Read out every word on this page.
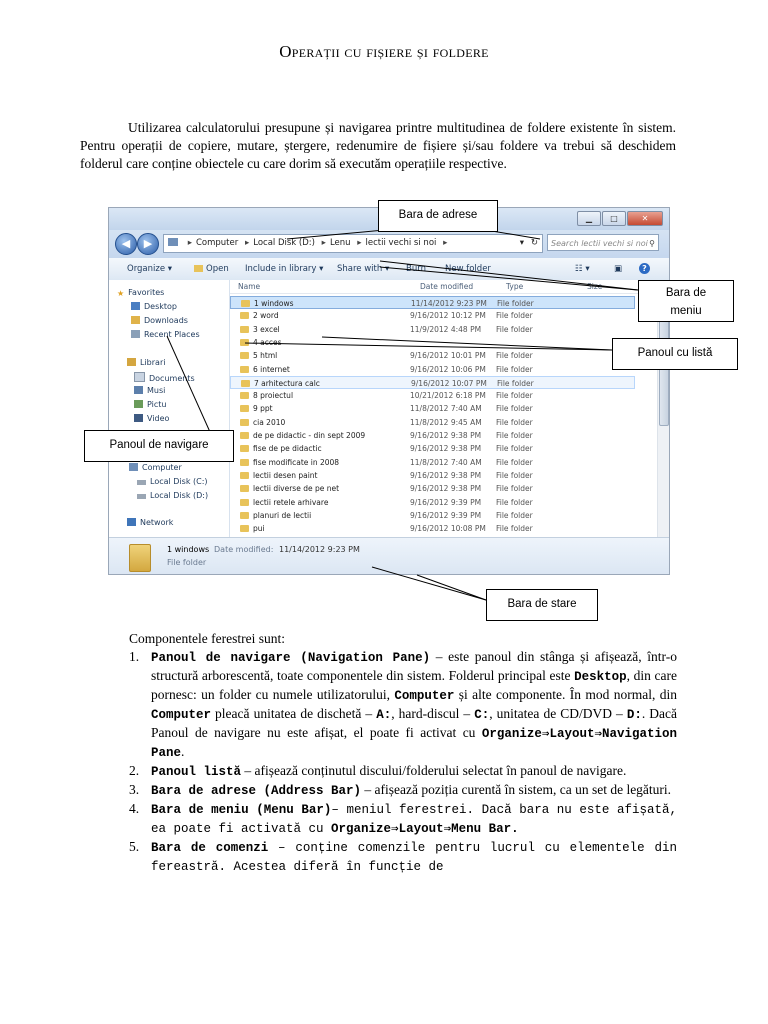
Operații cu fișiere și foldere
Utilizarea calculatorului presupune și navigarea printre multitudinea de foldere existente în sistem. Pentru operații de copiere, mutare, ștergere, redenumire de fișiere și/sau foldere va trebui să deschidem folderul care conține obiectele cu care dorim să executăm operațiile respective.
▁	□	✕
◀	▶	▸ Computer ▸ Local Disk (D:) ▸ Lenu ▸ lectii vechi si noi ▸	▾ ↻	Search lectii vechi si noi ⚲
Organize ▾	Open Include in library ▾ Share with ▾ Burn New folder	☷ ▾	▣	?
★ Favorites
Desktop
Downloads
Recent Places
Librari
Documents
Musi
Pictu
Video
Computer
Local Disk (C:)
Local Disk (D:)
Network
Name	Date modified	Type	Size
1 windows	11/14/2012 9:23 PM File folder
2 word	9/16/2012 10:12 PM File folder
3 excel	11/9/2012 4:48 PM File folder
4 acces
5 html	9/16/2012 10:01 PM File folder
6 internet	9/16/2012 10:06 PM File folder
7 arhitectura calc	9/16/2012 10:07 PM File folder
8 proiectul	10/21/2012 6:18 PM File folder
9 ppt	11/8/2012 7:40 AM File folder
cia 2010	11/8/2012 9:45 AM File folder
de pe didactic - din sept 2009	9/16/2012 9:38 PM File folder
fise de pe didactic	9/16/2012 9:38 PM File folder
fise modificate in 2008	11/8/2012 7:40 AM File folder
lectii desen paint	9/16/2012 9:38 PM File folder
lectii diverse de pe net	9/16/2012 9:38 PM File folder
lectii retele arhivare	9/16/2012 9:39 PM File folder
planuri de lectii	9/16/2012 9:39 PM File folder
pui	9/16/2012 10:08 PM File folder
1 windows Date modified: 11/14/2012 9:23 PM
File folder
Bara de adrese
Bara de
meniu
Panoul cu listă
Panoul de navigare
Bara de stare
Componentele ferestrei sunt:
1. Panoul de navigare (Navigation Pane) – este panoul din stânga și afișează, într-o structură arborescentă, toate componentele din sistem. Folderul principal este Desktop, din care pornesc: un folder cu numele utilizatorului, Computer și alte componente. În mod normal, din Computer pleacă unitatea de dischetă – A:, hard-discul – C:, unitatea de CD/DVD – D:. Dacă Panoul de navigare nu este afișat, el poate fi activat cu Organize⇒Layout⇒Navigation Pane.
2. Panoul listă – afișează conținutul discului/folderului selectat în panoul de navigare.
3. Bara de adrese (Address Bar) – afișează poziția curentă în sistem, ca un set de legături.
4. Bara de meniu (Menu Bar)– meniul ferestrei. Dacă bara nu este afișată, ea poate fi activată cu Organize⇒Layout⇒Menu Bar.
5. Bara de comenzi – conține comenzile pentru lucrul cu elementele din fereastră. Acestea diferă în funcție de
